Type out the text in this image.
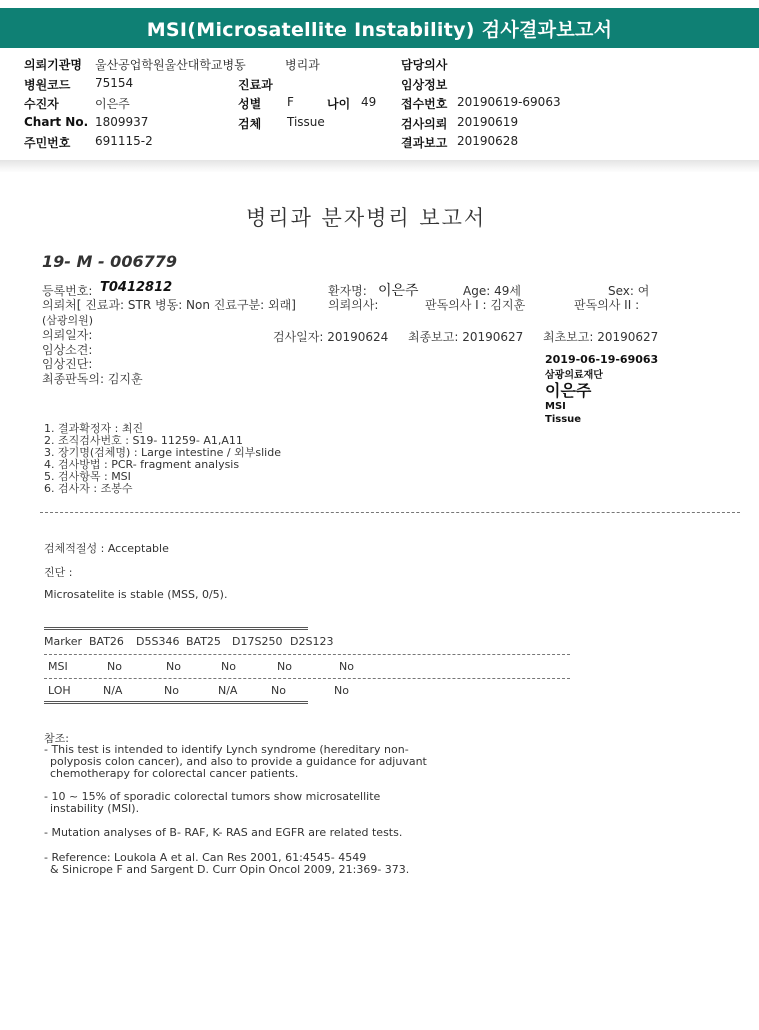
MSI(Microsatellite Instability) 검사결과보고서
의뢰기관명 울산공업학원울산대학교병동	병리과	담당의사
병원코드 75154	진료과	임상정보
수진자	이은주	성별 F	나이 49 접수번호 20190619-69063
Chart No. 1809937	검체 Tissue	검사의뢰 20190619
주민번호 691115-2	결과보고 20190628
병리과 분자병리 보고서
19- M - 006779
등록번호: T0412812	환자명: 이은주	Age: 49세	Sex: 여
의뢰처[ 진료과: STR 병동: Non 진료구분: 외래]	의뢰의사:	판독의사 I : 김지훈	판독의사 II :
(삼광의원)
의뢰일자:	검사일자: 20190624 최종보고: 20190627 최초보고: 20190627
임상소견:
임상진단:
최종판독의: 김지훈
2019-06-19-69063
삼광의료재단
이은주
MSI
Tissue
1. 결과확정자 : 최진
2. 조직검사번호 : S19- 11259- A1,A11
3. 장기명(검체명) : Large intestine / 외부slide
4. 검사방법 : PCR- fragment analysis
5. 검사항목 : MSI
6. 검사자 : 조봉수
검체적절성 : Acceptable
진단 :
Microsatelite is stable (MSS, 0/5).
Marker BAT26 D5S346 BAT25 D17S250 D2S123
MSI	No	No	No	No	No
LOH	N/A	No	N/A	No	No
참조:
- This test is intended to identify Lynch syndrome (hereditary non-
polyposis colon cancer), and also to provide a guidance for adjuvant
chemotherapy for colorectal cancer patients.
- 10 ~ 15% of sporadic colorectal tumors show microsatellite
instability (MSI).
- Mutation analyses of B- RAF, K- RAS and EGFR are related tests.
- Reference: Loukola A et al. Can Res 2001, 61:4545- 4549
& Sinicrope F and Sargent D. Curr Opin Oncol 2009, 21:369- 373.
